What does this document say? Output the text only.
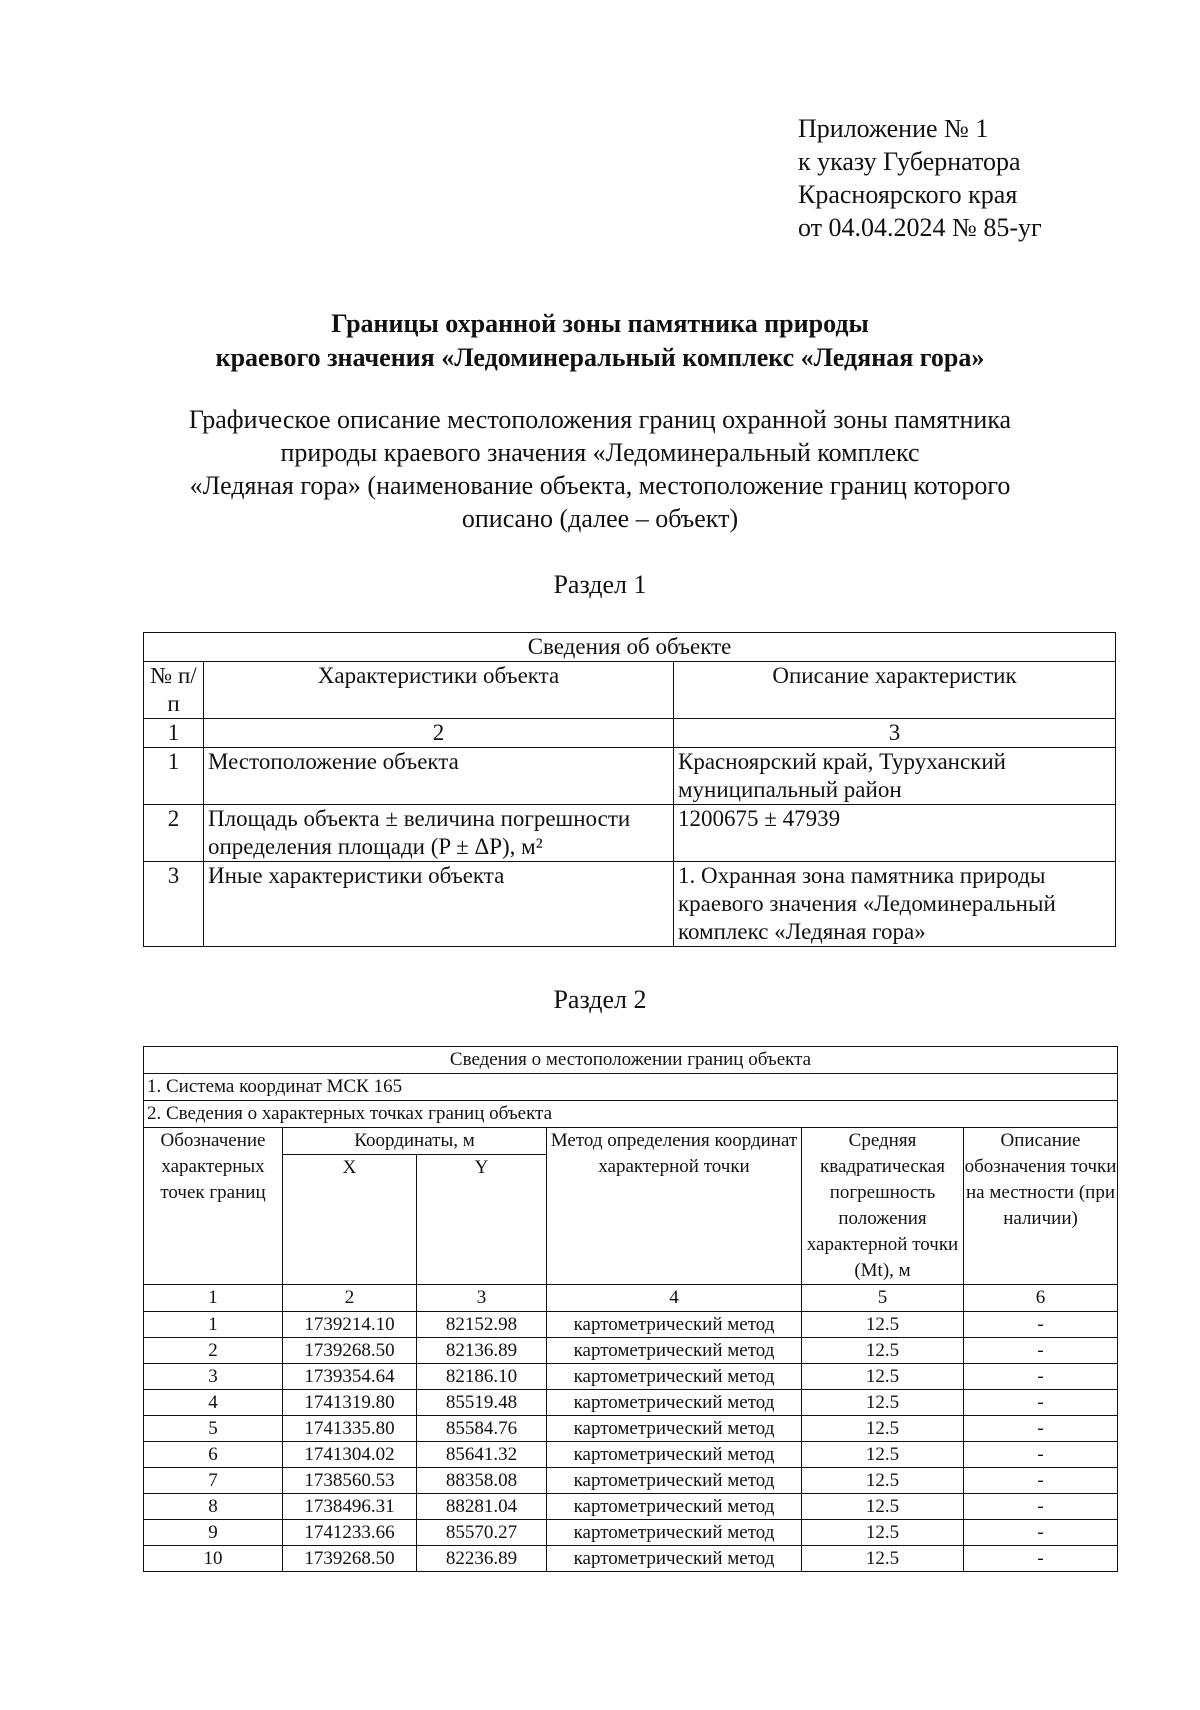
Приложение № 1
к указу Губернатора
Красноярского края
от 04.04.2024 № 85-уг
Границы охранной зоны памятника природы
краевого значения «Ледоминеральный комплекс «Ледяная гора»
Графическое описание местоположения границ охранной зоны памятника
природы краевого значения «Ледоминеральный комплекс
«Ледяная гора» (наименование объекта, местоположение границ которого
описано (далее – объект)
Раздел 1
Сведения об объекте		
№ п/п	Характеристики объекта	Описание характеристик
1	2	3
1	Местоположение объекта	Красноярский край, Туруханский муниципальный район
2	Площадь объекта ± величина погрешности определения площади (P ± ΔP), м²	1200675 ± 47939
3	Иные характеристики объекта	1. Охранная зона памятника природы краевого значения «Ледоминеральный комплекс «Ледяная гора»
Раздел 2
Сведения о местоположении границ объекта					
1. Система координат МСК 165					
2. Сведения о характерных точках границ объекта					
Обозначение характерных точек границ	Координаты, м		Метод определения координат характерной точки	Средняя квадратическая погрешность положения характерной точки (Mt), м	Описание обозначения точки на местности (при наличии)
	X	Y			
1	2	3	4	5	6
1	1739214.10	82152.98	картометрический метод	12.5	-
2	1739268.50	82136.89	картометрический метод	12.5	-
3	1739354.64	82186.10	картометрический метод	12.5	-
4	1741319.80	85519.48	картометрический метод	12.5	-
5	1741335.80	85584.76	картометрический метод	12.5	-
6	1741304.02	85641.32	картометрический метод	12.5	-
7	1738560.53	88358.08	картометрический метод	12.5	-
8	1738496.31	88281.04	картометрический метод	12.5	-
9	1741233.66	85570.27	картометрический метод	12.5	-
10	1739268.50	82236.89	картометрический метод	12.5	-
